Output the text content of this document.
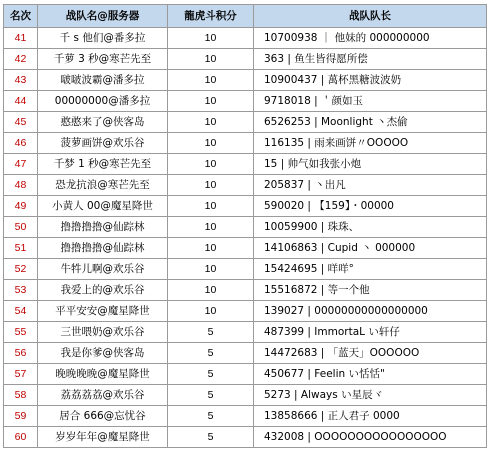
名次	战队名@服务器	龍虎斗积分	战队队长
41	千 s 他们@番多拉	10	10700938 ｜ 他妹的 000000000
42	千萝 3 秒@寒芒先至	10	363 | 鱼生皆得愿所偿
43	啵啵波霸@潘多拉	10	10900437 | 萬杯黑糖波波奶
44	00000000@潘多拉	10	9718018 | ＇颜如玉
45	憨憨来了@侠客岛	10	6526253 | Moonlight 丶杰偷
46	菠萝画饼@欢乐谷	10	116135 | 雨来画饼〃OOOOO
47	千梦 1 秒@寒芒先至	10	15 | 帅气如我张小炮
48	恐龙抗浪@寒芒先至	10	205837 | 丶出凡
49	小黄人 00@魔星降世	10	590020 | 【159】・00000
50	撸撸撸撸@仙踪林	10	10059900 | 珠珠、
51	撸撸撸撸@仙踪林	10	14106863 | Cupid 丶 000000
52	牛牪儿啊@欢乐谷	10	15424695 | 咩咩°
53	我爱上的@欢乐谷	10	15516872 | 等一个他
54	平平安安@魔星降世	10	139027 | 00000000000000000
55	三世喂奶@欢乐谷	5	487399 | ImmortaL い轩仔
56	我是你爹@侠客岛	5	14472683 | 「蓝天」OOOOOO
57	晚晚晚晚@魔星降世	5	450677 | Feelin い恬恬"
58	荔荔荔荔@欢乐谷	5	5273 | Always い星辰ヾ
59	居合 666@忘忧谷	5	13858666 | 正人君子 0000
60	岁岁年年@魔星降世	5	432008 | OOOOOOOOOOOOOOOO
